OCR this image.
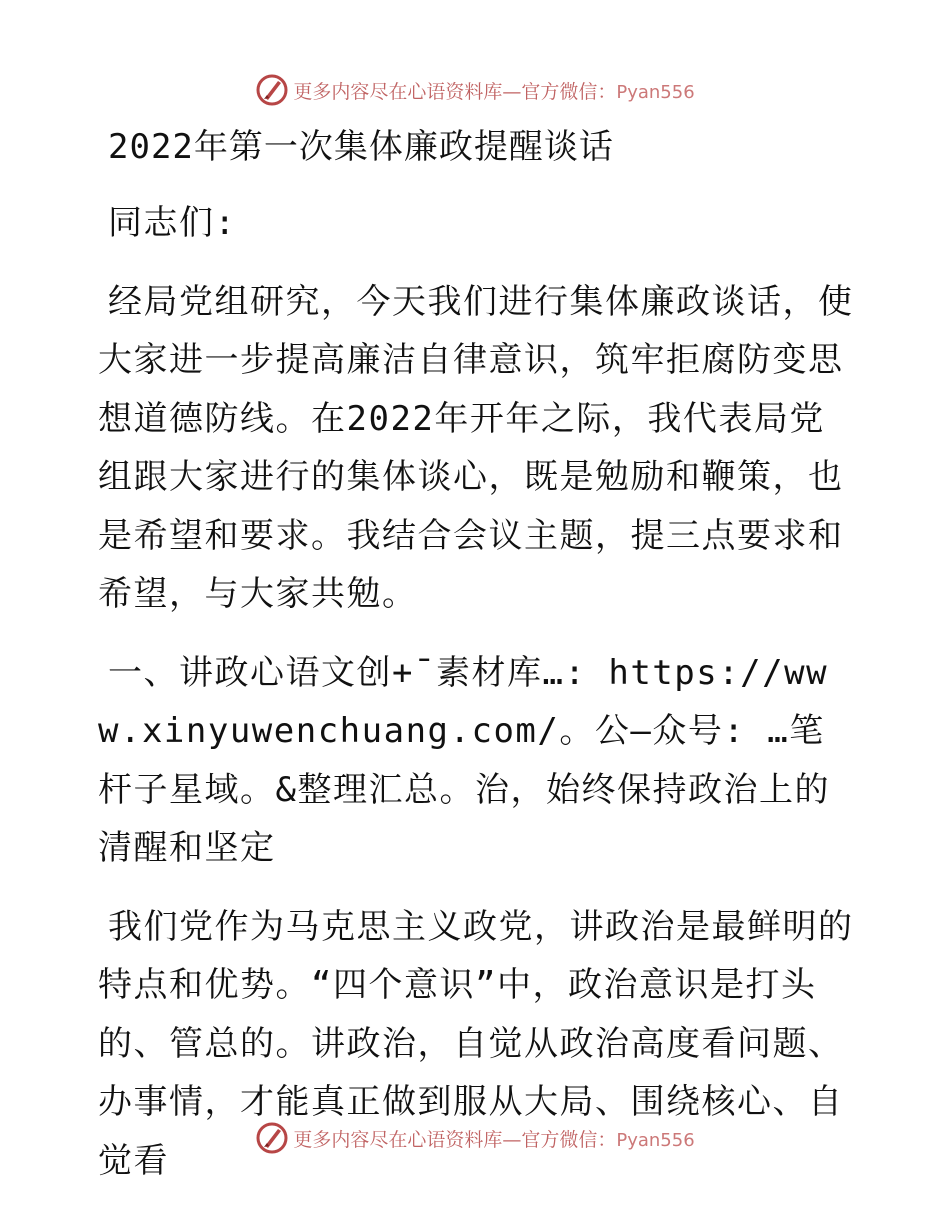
更多内容尽在心语资料库—官方微信：Pyan556
2022年第一次集体廉政提醒谈话

同志们:

经局党组研究，今天我们进行集体廉政谈话，使大家进一步提高廉洁自律意识，筑牢拒腐防变思想道德防线。在2022年开年之际，我代表局党组跟大家进行的集体谈心，既是勉励和鞭策，也是希望和要求。我结合会议主题，提三点要求和希望，与大家共勉。

一、讲政心语文创+¯素材库…: https://www.xinyuwenchuang.com/。公—众号: …笔杆子星域。&整理汇总。治，始终保持政治上的清醒和坚定

我们党作为马克思主义政党，讲政治是最鲜明的特点和优势。“四个意识”中，政治意识是打头的、管总的。讲政治，自觉从政治高度看问题、办事情，才能真正做到服从大局、围绕核心、自觉看

更多内容尽在心语资料库—官方微信：Pyan556
